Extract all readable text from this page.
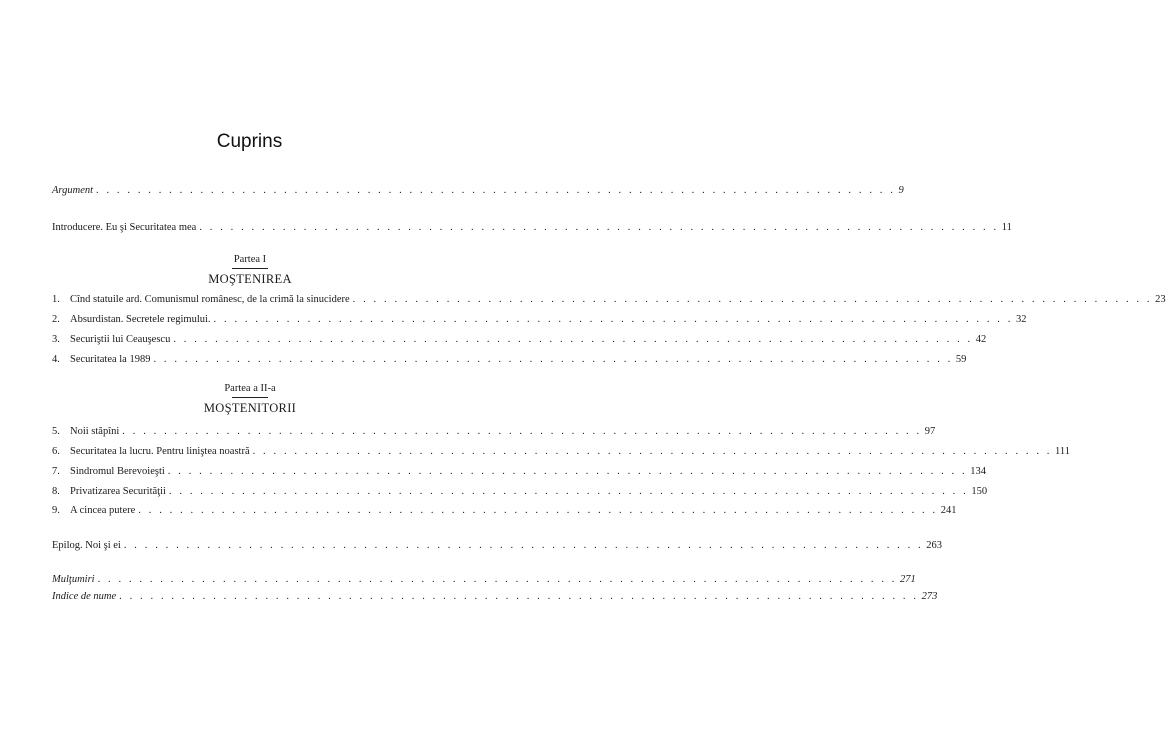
Cuprins
Argument . . . . . . . . . . . . . . . . . . . . . . . . . . . . . . . . . . . . . . . . . . . . . . . . . . . . . . . . . . . . . . . . . . . . . . . . . . . . . 9
Introducere. Eu şi Securitatea mea . . . . . . . . . . . . . . . . . . . . . . . . . . . . . . . . . . . . . . . . . . . . . . . . . . . . . . . . . . . . . . . . . . . . . . . . . . . . . 11
Partea I
MOŞTENIREA
1. Cînd statuile ard. Comunismul românesc, de la crimă la sinucidere . . . . . . . . . . . . . . . . . . . . . . . . . . . . . . . . . . . . . . . . . . . . . . . . . . . . . . . . . . . . . . . . . . . . . . . . . . . . . 23
2. Absurdistan. Secretele regimului. . . . . . . . . . . . . . . . . . . . . . . . . . . . . . . . . . . . . . . . . . . . . . . . . . . . . . . . . . . . . . . . . . . . . . . . . . . . . . 32
3. Securiştii lui Ceauşescu . . . . . . . . . . . . . . . . . . . . . . . . . . . . . . . . . . . . . . . . . . . . . . . . . . . . . . . . . . . . . . . . . . . . . . . . . . . . . 42
4. Securitatea la 1989 . . . . . . . . . . . . . . . . . . . . . . . . . . . . . . . . . . . . . . . . . . . . . . . . . . . . . . . . . . . . . . . . . . . . . . . . . . . . . 59
Partea a II-a
MOŞTENITORII
5. Noii stăpîni . . . . . . . . . . . . . . . . . . . . . . . . . . . . . . . . . . . . . . . . . . . . . . . . . . . . . . . . . . . . . . . . . . . . . . . . . . . . . 97
6. Securitatea la lucru. Pentru liniştea noastră . . . . . . . . . . . . . . . . . . . . . . . . . . . . . . . . . . . . . . . . . . . . . . . . . . . . . . . . . . . . . . . . . . . . . . . . . . . . . 111
7. Sindromul Berevoieşti . . . . . . . . . . . . . . . . . . . . . . . . . . . . . . . . . . . . . . . . . . . . . . . . . . . . . . . . . . . . . . . . . . . . . . . . . . . . . 134
8. Privatizarea Securităţii . . . . . . . . . . . . . . . . . . . . . . . . . . . . . . . . . . . . . . . . . . . . . . . . . . . . . . . . . . . . . . . . . . . . . . . . . . . . . 150
9. A cincea putere . . . . . . . . . . . . . . . . . . . . . . . . . . . . . . . . . . . . . . . . . . . . . . . . . . . . . . . . . . . . . . . . . . . . . . . . . . . . . 241
Epilog. Noi şi ei . . . . . . . . . . . . . . . . . . . . . . . . . . . . . . . . . . . . . . . . . . . . . . . . . . . . . . . . . . . . . . . . . . . . . . . . . . . . . 263
Mulţumiri . . . . . . . . . . . . . . . . . . . . . . . . . . . . . . . . . . . . . . . . . . . . . . . . . . . . . . . . . . . . . . . . . . . . . . . . . . . . . 271
Indice de nume . . . . . . . . . . . . . . . . . . . . . . . . . . . . . . . . . . . . . . . . . . . . . . . . . . . . . . . . . . . . . . . . . . . . . . . . . . . . . 273
